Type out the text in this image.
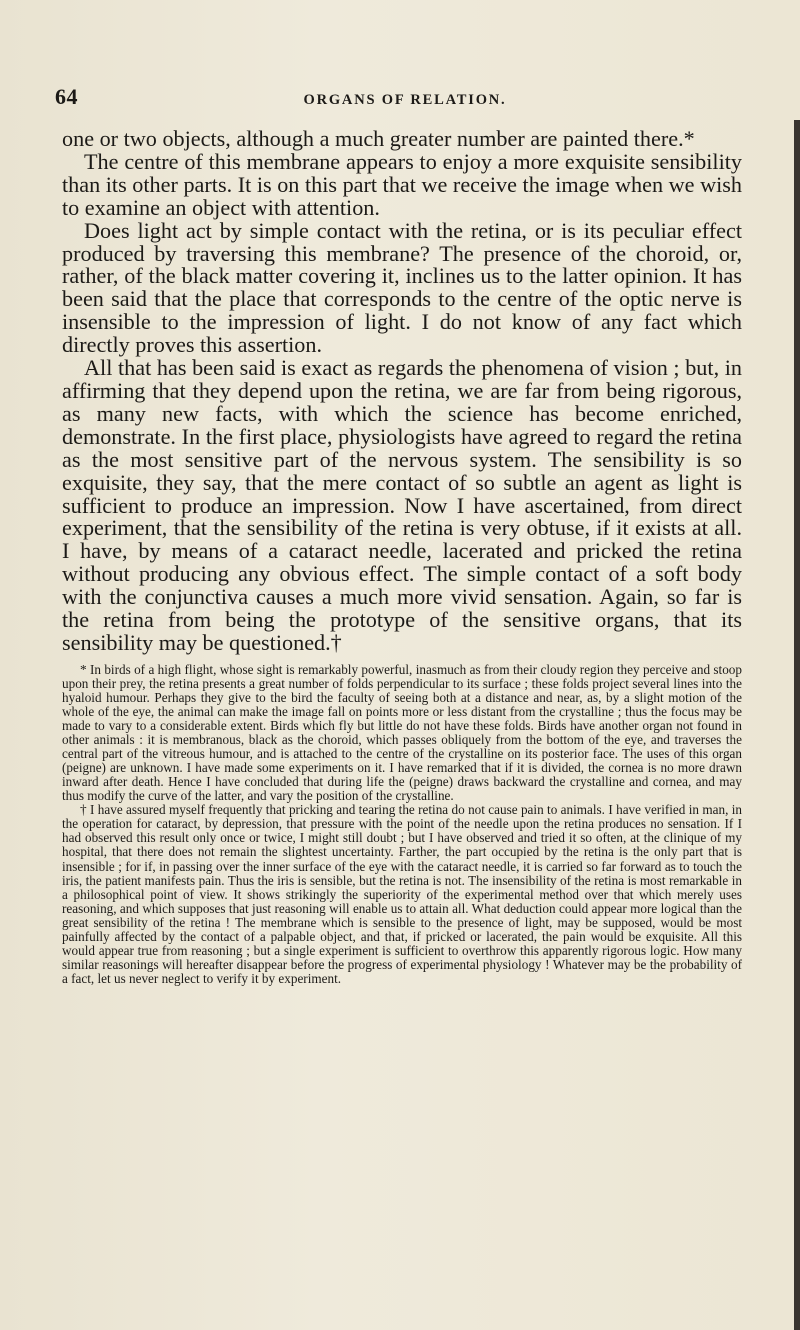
64	ORGANS OF RELATION.

one or two objects, although a much greater number are painted there.*

The centre of this membrane appears to enjoy a more exquisite sensibility than its other parts. It is on this part that we receive the image when we wish to examine an object with attention.

Does light act by simple contact with the retina, or is its peculiar effect produced by traversing this membrane? The presence of the choroid, or, rather, of the black matter covering it, inclines us to the latter opinion. It has been said that the place that corresponds to the centre of the optic nerve is insensible to the impression of light. I do not know of any fact which directly proves this assertion.

All that has been said is exact as regards the phenomena of vision ; but, in affirming that they depend upon the retina, we are far from being rigorous, as many new facts, with which the science has become enriched, demonstrate. In the first place, physiologists have agreed to regard the retina as the most sensitive part of the nervous system. The sensibility is so exquisite, they say, that the mere contact of so subtle an agent as light is sufficient to produce an impression. Now I have ascertained, from direct experiment, that the sensibility of the retina is very obtuse, if it exists at all. I have, by means of a cataract needle, lacerated and pricked the retina without producing any obvious effect. The simple contact of a soft body with the conjunctiva causes a much more vivid sensation. Again, so far is the retina from being the prototype of the sensitive organs, that its sensibility may be questioned.†

* In birds of a high flight, whose sight is remarkably powerful, inasmuch as from their cloudy region they perceive and stoop upon their prey, the retina presents a great number of folds perpendicular to its surface ; these folds project several lines into the hyaloid humour. Perhaps they give to the bird the faculty of seeing both at a distance and near, as, by a slight motion of the whole of the eye, the animal can make the image fall on points more or less distant from the crystalline ; thus the focus may be made to vary to a considerable extent. Birds which fly but little do not have these folds. Birds have another organ not found in other animals : it is membranous, black as the choroid, which passes obliquely from the bottom of the eye, and traverses the central part of the vitreous humour, and is attached to the centre of the crystalline on its posterior face. The uses of this organ (peigne) are unknown. I have made some experiments on it. I have remarked that if it is divided, the cornea is no more drawn inward after death. Hence I have concluded that during life the (peigne) draws backward the crystalline and cornea, and may thus modify the curve of the latter, and vary the position of the crystalline.

† I have assured myself frequently that pricking and tearing the retina do not cause pain to animals. I have verified in man, in the operation for cataract, by depression, that pressure with the point of the needle upon the retina produces no sensation. If I had observed this result only once or twice, I might still doubt ; but I have observed and tried it so often, at the clinique of my hospital, that there does not remain the slightest uncertainty. Farther, the part occupied by the retina is the only part that is insensible ; for if, in passing over the inner surface of the eye with the cataract needle, it is carried so far forward as to touch the iris, the patient manifests pain. Thus the iris is sensible, but the retina is not. The insensibility of the retina is most remarkable in a philosophical point of view. It shows strikingly the superiority of the experimental method over that which merely uses reasoning, and which supposes that just reasoning will enable us to attain all. What deduction could appear more logical than the great sensibility of the retina ! The membrane which is sensible to the presence of light, may be supposed, would be most painfully affected by the contact of a palpable object, and that, if pricked or lacerated, the pain would be exquisite. All this would appear true from reasoning ; but a single experiment is sufficient to overthrow this apparently rigorous logic. How many similar reasonings will hereafter disappear before the progress of experimental physiology ! Whatever may be the probability of a fact, let us never neglect to verify it by experiment.
